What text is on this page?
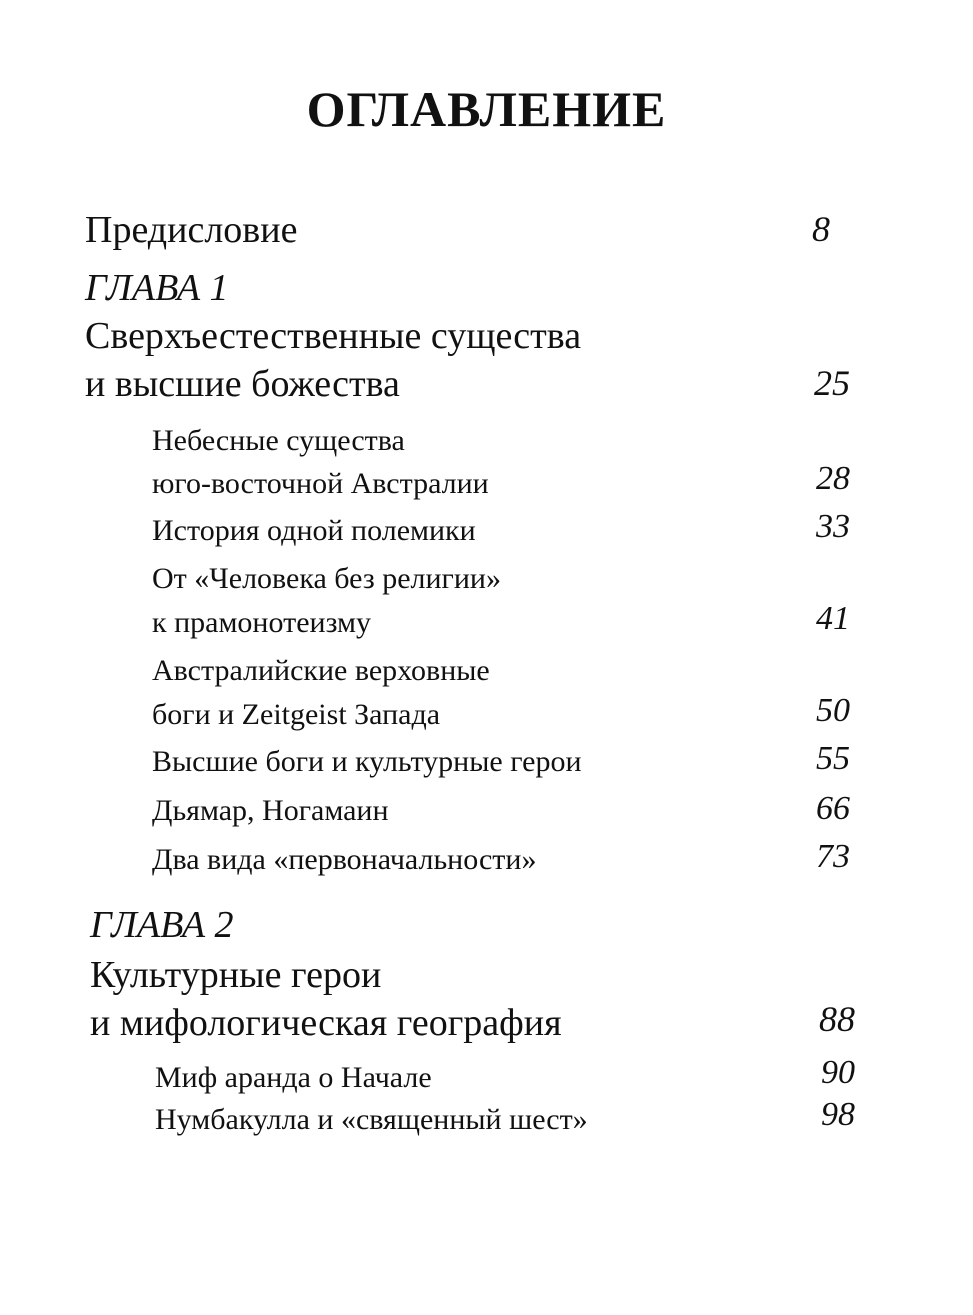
ОГЛАВЛЕНИЕ
Предисловие	8
ГЛАВА 1
Сверхъестественные существа
и высшие божества	25
Небесные существа
юго-восточной Австралии	28
История одной полемики	33
От «Человека без религии»
к прамонотеизму	41
Австралийские верховные
боги и Zeitgeist Запада	50
Высшие боги и культурные герои	55
Дьямар, Ногамаин	66
Два вида «первоначальности»	73
ГЛАВА 2
Культурные герои
и мифологическая география	88
Миф аранда о Начале	90
Нумбакулла и «священный шест»	98
